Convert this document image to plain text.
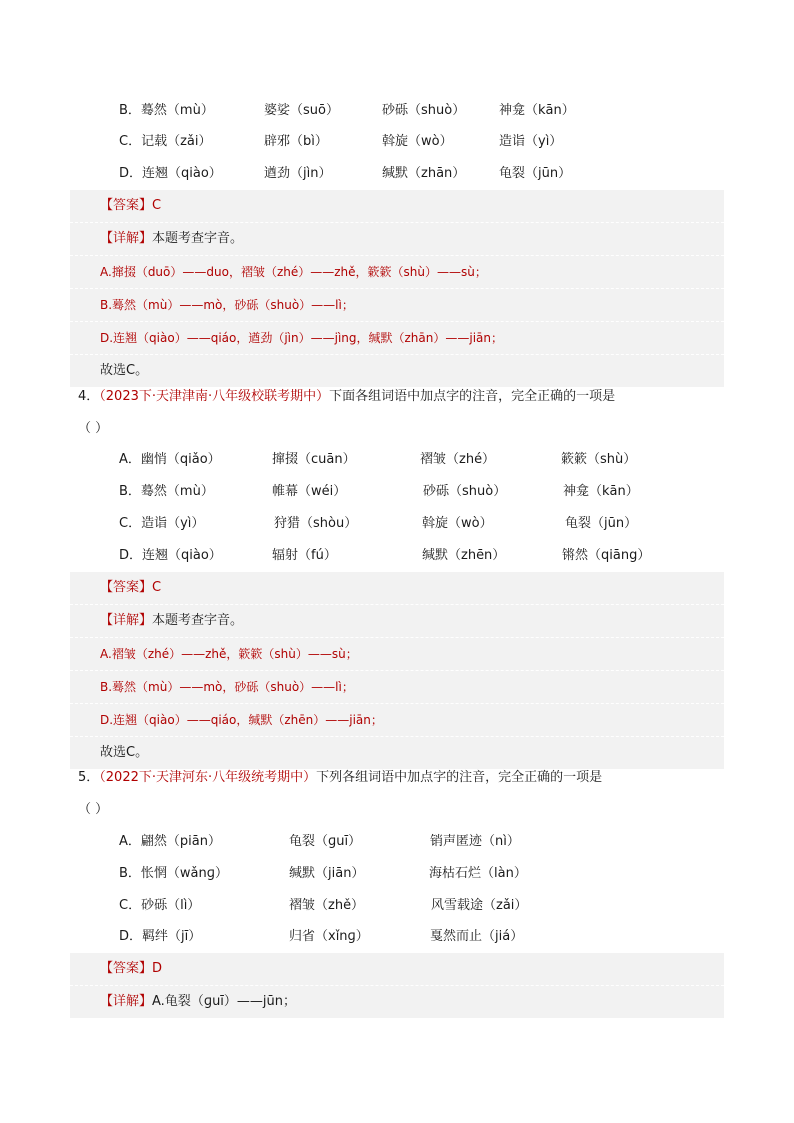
B．蓦然（mù）	婆娑（suō）	砂砾（shuò）	神龛（kān）
C．记载（zǎi）	辟邪（bì）	斡旋（wò）	造诣（yì）
D．连翘（qiào）	遒劲（jìn）	缄默（zhān）	龟裂（jūn）
【答案】C
【详解】本题考查字音。
A.撺掇（duō）——duo，褶皱（zhé）——zhě，簌簌（shù）——sù；
B.蓦然（mù）——mò，砂砾（shuò）——lì；
D.连翘（qiào）——qiáo，遒劲（jìn）——jìng，缄默（zhān）——jiān；
故选C。
4．（2023下·天津津南·八年级校联考期中）下面各组词语中加点字的注音，完全正确的一项是
（ ）
A．幽悄（qiǎo）	撺掇（cuān）	褶皱（zhé）	簌簌（shù）
B．蓦然（mù）	帷幕（wéi）	砂砾（shuò）	神龛（kān）
C．造诣（yì）	狩猎（shòu）	斡旋（wò）	龟裂（jūn）
D．连翘（qiào）	辐射（fú）	缄默（zhēn）	锵然（qiāng）
【答案】C
【详解】本题考查字音。
A.褶皱（zhé）——zhě，簌簌（shù）——sù；
B.蓦然（mù）——mò，砂砾（shuò）——lì；
D.连翘（qiào）——qiáo，缄默（zhēn）——jiān；
故选C。
5．（2022下·天津河东·八年级统考期中）下列各组词语中加点字的注音，完全正确的一项是
（ ）
A．翩然（piān）	龟裂（ɡuī）	销声匿迹（nì）
B．怅惘（wǎnɡ）	缄默（jiān）	海枯石烂（làn）
C．砂砾（lì）	褶皱（zhě）	风雪载途（zǎi）
D．羁绊（jī）	归省（xǐnɡ）	戛然而止（jiá）
【答案】D
【详解】A.龟裂（ɡuī）——jūn；
